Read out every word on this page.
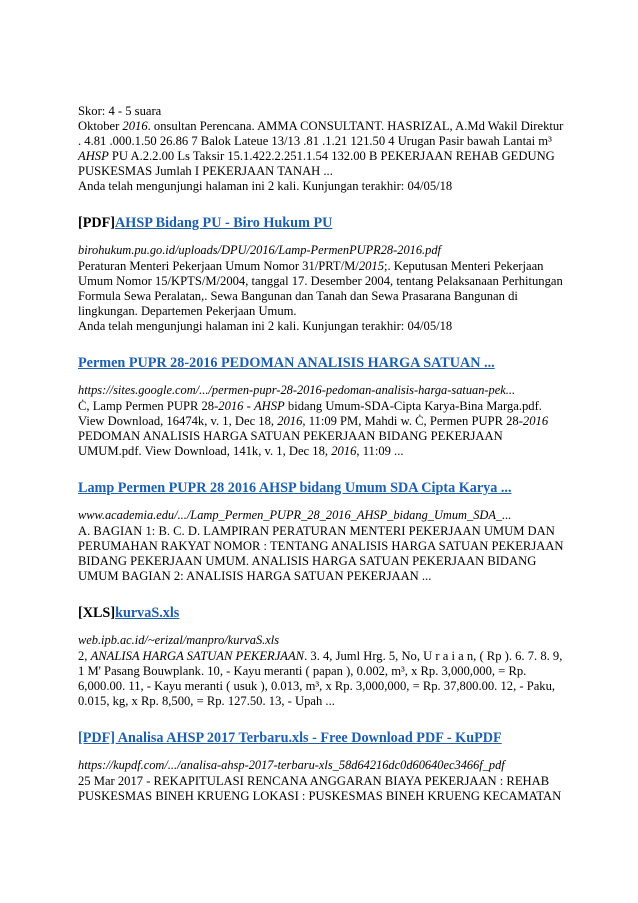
Skor: 4 - 5 suara

Oktober 2016. onsultan Perencana. AMMA CONSULTANT. HASRIZAL, A.Md Wakil Direktur . 4.81 .000.1.50 26.86 7 Balok Lateue 13/13 .81 .1.21 121.50 4 Urugan Pasir bawah Lantai m³ AHSP PU A.2.2.00 Ls Taksir 15.1.422.2.251.1.54 132.00 B PEKERJAAN REHAB GEDUNG PUSKESMAS Jumlah I PEKERJAAN TANAH ...

Anda telah mengunjungi halaman ini 2 kali. Kunjungan terakhir: 04/05/18

[PDF]AHSP Bidang PU - Biro Hukum PU

birohukum.pu.go.id/uploads/DPU/2016/Lamp-PermenPUPR28-2016.pdf

Peraturan Menteri Pekerjaan Umum Nomor 31/PRT/M/2015;. Keputusan Menteri Pekerjaan Umum Nomor 15/KPTS/M/2004, tanggal 17. Desember 2004, tentang Pelaksanaan Perhitungan Formula Sewa Peralatan,. Sewa Bangunan dan Tanah dan Sewa Prasarana Bangunan di lingkungan. Departemen Pekerjaan Umum.

Anda telah mengunjungi halaman ini 2 kali. Kunjungan terakhir: 04/05/18

Permen PUPR 28-2016 PEDOMAN ANALISIS HARGA SATUAN ...

https://sites.google.com/.../permen-pupr-28-2016-pedoman-analisis-harga-satuan-pek...

Ċ, Lamp Permen PUPR 28-2016 - AHSP bidang Umum-SDA-Cipta Karya-Bina Marga.pdf. View Download, 16474k, v. 1, Dec 18, 2016, 11:09 PM, Mahdi w. Ċ, Permen PUPR 28-2016 PEDOMAN ANALISIS HARGA SATUAN PEKERJAAN BIDANG PEKERJAAN UMUM.pdf. View Download, 141k, v. 1, Dec 18, 2016, 11:09 ...

Lamp Permen PUPR 28 2016 AHSP bidang Umum SDA Cipta Karya ...

www.academia.edu/.../Lamp_Permen_PUPR_28_2016_AHSP_bidang_Umum_SDA_...

A. BAGIAN 1: B. C. D. LAMPIRAN PERATURAN MENTERI PEKERJAAN UMUM DAN PERUMAHAN RAKYAT NOMOR : TENTANG ANALISIS HARGA SATUAN PEKERJAAN BIDANG PEKERJAAN UMUM. ANALISIS HARGA SATUAN PEKERJAAN BIDANG UMUM BAGIAN 2: ANALISIS HARGA SATUAN PEKERJAAN ...

[XLS]kurvaS.xls

web.ipb.ac.id/~erizal/manpro/kurvaS.xls

2, ANALISA HARGA SATUAN PEKERJAAN. 3. 4, Juml Hrg. 5, No, U r a i a n, ( Rp ). 6. 7. 8. 9, 1 M' Pasang Bouwplank. 10, - Kayu meranti ( papan ), 0.002, m³, x Rp. 3,000,000, = Rp. 6,000.00. 11, - Kayu meranti ( usuk ), 0.013, m³, x Rp. 3,000,000, = Rp. 37,800.00. 12, - Paku, 0.015, kg, x Rp. 8,500, = Rp. 127.50. 13, - Upah ...

[PDF] Analisa AHSP 2017 Terbaru.xls - Free Download PDF - KuPDF

https://kupdf.com/.../analisa-ahsp-2017-terbaru-xls_58d64216dc0d60640ec3466f_pdf

25 Mar 2017 - REKAPITULASI RENCANA ANGGARAN BIAYA PEKERJAAN : REHAB PUSKESMAS BINEH KRUENG LOKASI : PUSKESMAS BINEH KRUENG KECAMATAN
